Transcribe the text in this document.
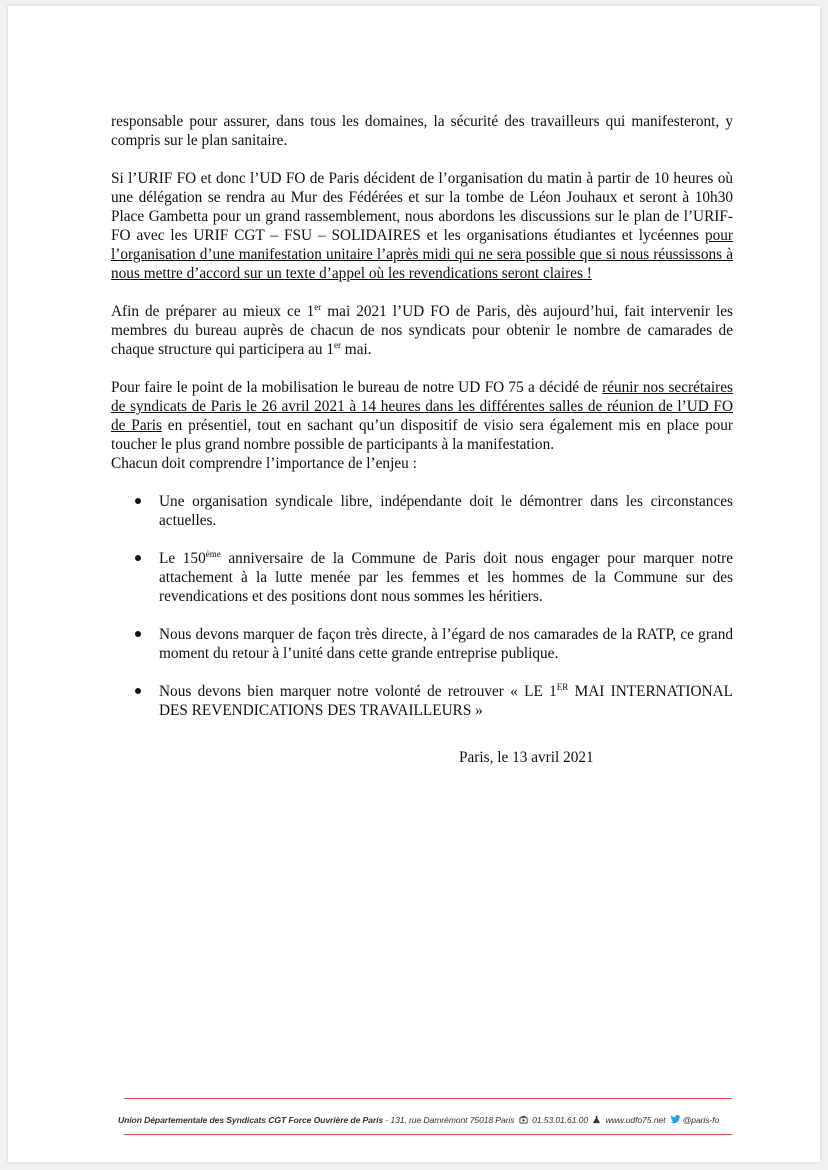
responsable pour assurer, dans tous les domaines, la sécurité des travailleurs qui manifesteront, y compris sur le plan sanitaire.

Si l’URIF FO et donc l’UD FO de Paris décident de l’organisation du matin à partir de 10 heures où une délégation se rendra au Mur des Fédérées et sur la tombe de Léon Jouhaux et seront à 10h30 Place Gambetta pour un grand rassemblement, nous abordons les discussions sur le plan de l’URIF-FO avec les URIF CGT – FSU – SOLIDAIRES et les organisations étudiantes et lycéennes pour l’organisation d’une manifestation unitaire l’après midi qui ne sera possible que si nous réussissons à nous mettre d’accord sur un texte d’appel où les revendications seront claires !

Afin de préparer au mieux ce 1er mai 2021 l’UD FO de Paris, dès aujourd’hui, fait intervenir les membres du bureau auprès de chacun de nos syndicats pour obtenir le nombre de camarades de chaque structure qui participera au 1er mai.

Pour faire le point de la mobilisation le bureau de notre UD FO 75 a décidé de réunir nos secrétaires de syndicats de Paris le 26 avril 2021 à 14 heures dans les différentes salles de réunion de l’UD FO de Paris en présentiel, tout en sachant qu’un dispositif de visio sera également mis en place pour toucher le plus grand nombre possible de participants à la manifestation.

Chacun doit comprendre l’importance de l’enjeu :

Une organisation syndicale libre, indépendante doit le démontrer dans les circonstances actuelles.
Le 150ème anniversaire de la Commune de Paris doit nous engager pour marquer notre attachement à la lutte menée par les femmes et les hommes de la Commune sur des revendications et des positions dont nous sommes les héritiers.
Nous devons marquer de façon très directe, à l’égard de nos camarades de la RATP, ce grand moment du retour à l’unité dans cette grande entreprise publique.
Nous devons bien marquer notre volonté de retrouver « LE 1ER MAI INTERNATIONAL DES REVENDICATIONS DES TRAVAILLEURS »

Paris, le 13 avril 2021

Union Départementale des Syndicats CGT Force Ouvrière de Paris - 131, rue Damrémont 75018 Paris  01.53.01.61.00  www.udfo75.net @paris-fo
